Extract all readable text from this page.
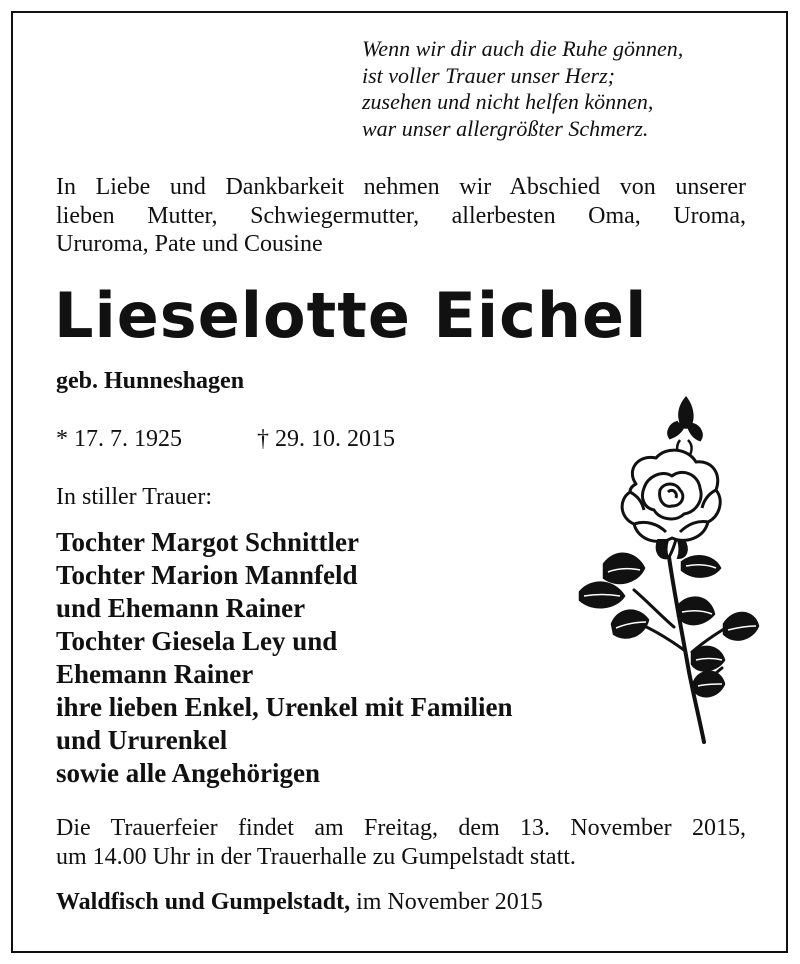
Wenn wir dir auch die Ruhe gönnen,
ist voller Trauer unser Herz;
zusehen und nicht helfen können,
war unser allergrößter Schmerz.
In Liebe und Dankbarkeit nehmen wir Abschied von unserer
lieben Mutter, Schwiegermutter, allerbesten Oma, Uroma,
Ururoma, Pate und Cousine
Lieselotte Eichel
geb. Hunneshagen
* 17. 7. 1925	† 29. 10. 2015
In stiller Trauer:
Tochter Margot Schnittler
Tochter Marion Mannfeld
und Ehemann Rainer
Tochter Giesela Ley und
Ehemann Rainer
ihre lieben Enkel, Urenkel mit Familien
und Ururenkel
sowie alle Angehörigen
Die Trauerfeier findet am Freitag, dem 13. November 2015,
um 14.00 Uhr in der Trauerhalle zu Gumpelstadt statt.
Waldfisch und Gumpelstadt, im November 2015
